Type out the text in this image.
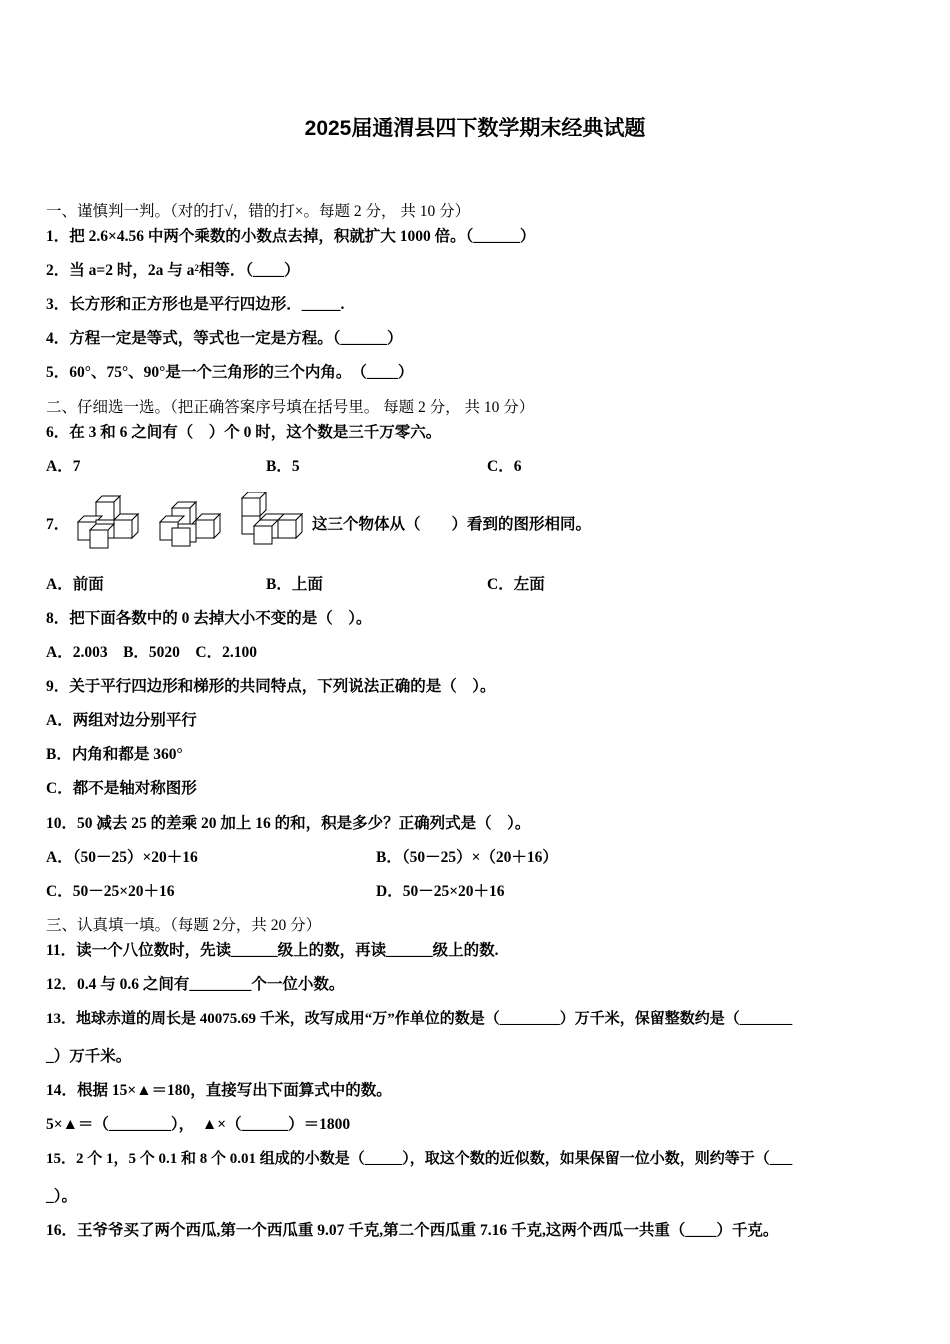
2025届通渭县四下数学期末经典试题
一、谨慎判一判。（对的打√，错的打×。每题 2 分， 共 10 分）
1．把 2.6×4.56 中两个乘数的小数点去掉，积就扩大 1000 倍。（______）
2．当 a=2 时，2a 与 $a^2$相等．（____）
3．长方形和正方形也是平行四边形．_____.
4．方程一定是等式，等式也一定是方程。（______）
5．60°、75°、90°是一个三角形的三个内角。　（____）
二、仔细选一选。（把正确答案序号填在括号里。 每题 2 分， 共 10 分）
6．在 3 和 6 之间有（　）个 0 时，这个数是三千万零六。
A．7	B．5	C．6
7．	这三个物体从（　　）看到的图形相同。
A．前面	B．上面	C．左面
8．把下面各数中的 0 去掉大小不变的是（　）。
A．2.003　B．5020　C．2.100
9．关于平行四边形和梯形的共同特点，下列说法正确的是（　）。
A．两组对边分别平行
B．内角和都是 360°
C．都不是轴对称图形
10．50 减去 25 的差乘 20 加上 16 的和，积是多少？正确列式是（　）。
A．（50－25）×20＋16	B．（50－25）×（20＋16）
C．50－25×20＋16	D．50－25×20＋16
三、认真填一填。（每题 2分，共 20 分）
11．读一个八位数时，先读______级上的数，再读______级上的数.
12．0.4 与 0.6 之间有________个一位小数。
13．地球赤道的周长是 40075.69 千米，改写成用“万”作单位的数是（________）万千米，保留整数约是（_______
_）万千米。
14．根据 15×▲＝180，直接写出下面算式中的数。
5×▲＝（________），　▲×（______）＝1800
15．2 个 1，5 个 0.1 和 8 个 0.01 组成的小数是（_____），取这个数的近似数，如果保留一位小数，则约等于（___
_）。
16．王爷爷买了两个西瓜,第一个西瓜重 9.07 千克,第二个西瓜重 7.16 千克,这两个西瓜一共重（____）千克。
